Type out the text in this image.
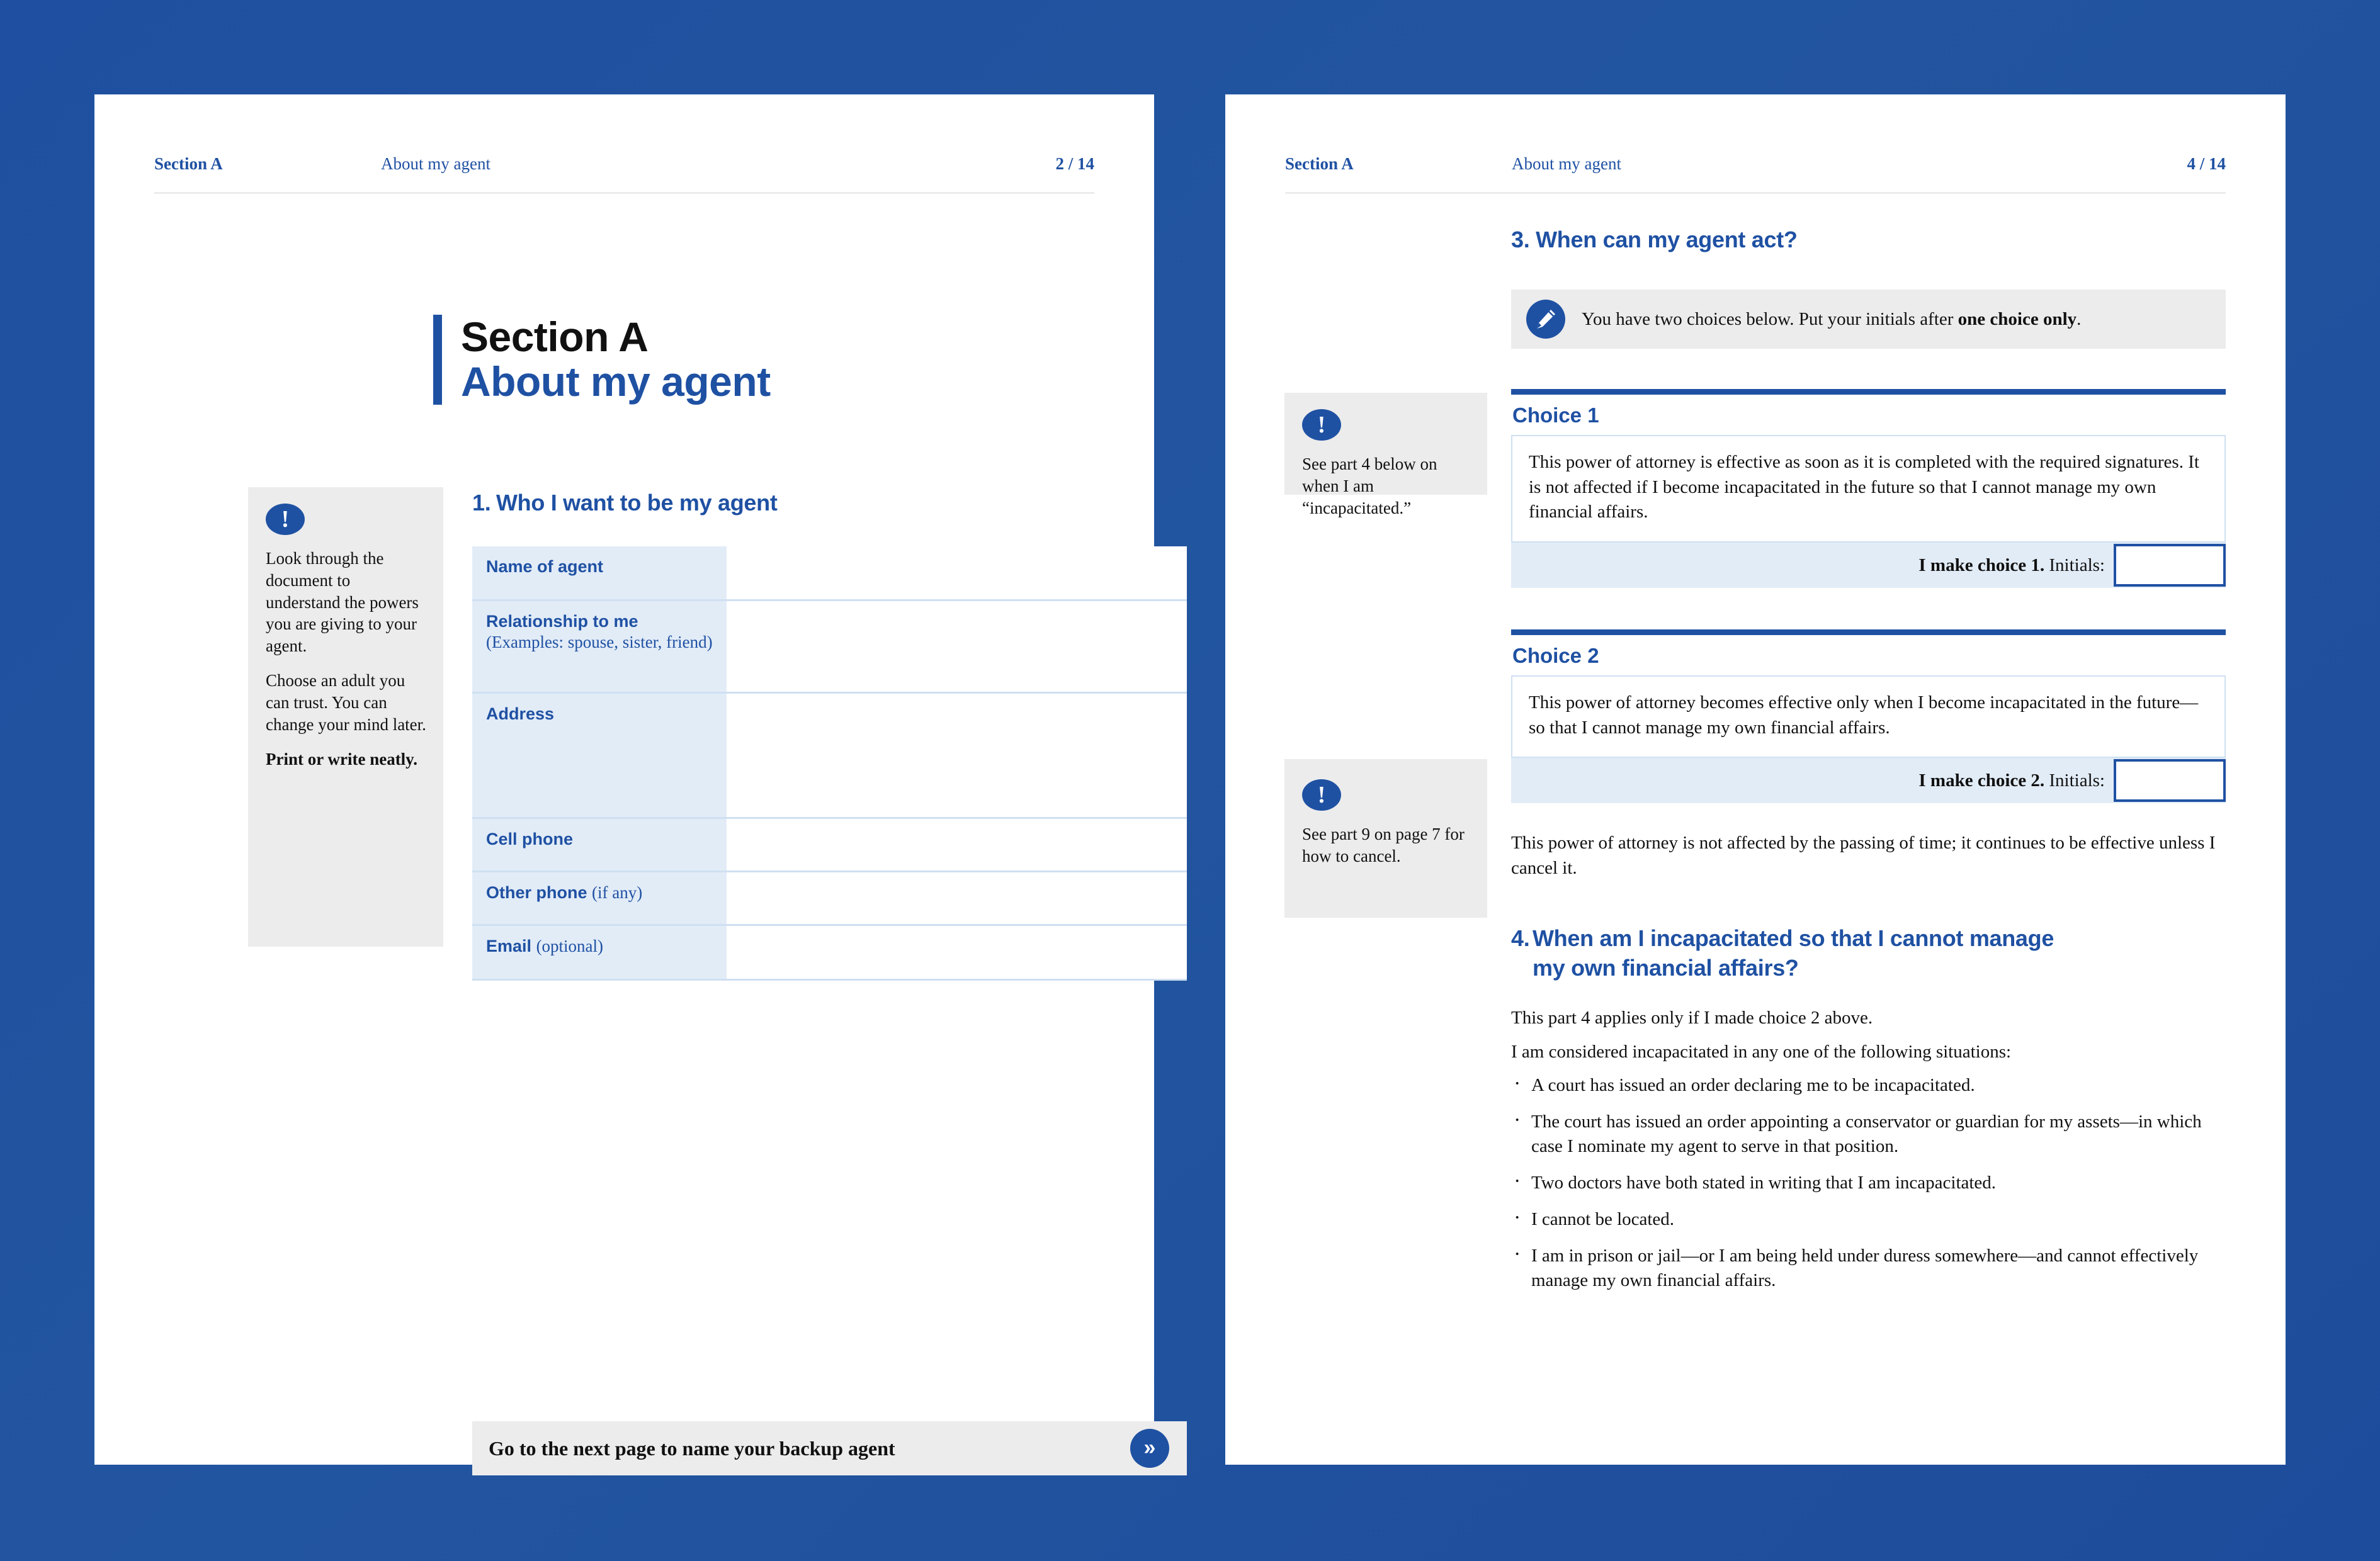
Section A	About my agent	2 / 14
Section A
About my agent
!

Look through the document to understand the powers you are giving to your agent.

Choose an adult you can trust. You can change your mind later.

Print or write neatly.

1. Who I want to be my agent
Name of agent	
Relationship to me
(Examples: spouse, sister, friend)	
Address	
Cell phone	
Other phone (if any)	
Email (optional)	
Go to the next page to name your backup agent	»
Section A	About my agent	4 / 14
3. When can my agent act?
You have two choices below. Put your initials after one choice only.
!

See part 4 below on when I am “incapacitated.”

!

See part 9 on page 7 for how to cancel.

Choice 1

This power of attorney is effective as soon as it is completed with the required signatures. It is not affected if I become incapacitated in the future so that I cannot manage my own financial affairs.

I make choice 1. Initials:
Choice 2

This power of attorney becomes effective only when I become incapacitated in the future—so that I cannot manage my own financial affairs.

I make choice 2. Initials:

This power of attorney is not affected by the passing of time; it continues to be effective unless I cancel it.

4. When am I incapacitated so that I cannot manage
my own financial affairs?

This part 4 applies only if I made choice 2 above.

I am considered incapacitated in any one of the following situations:

· A court has issued an order declaring me to be incapacitated.
· The court has issued an order appointing a conservator or guardian for my assets—in which case I nominate my agent to serve in that position.
· Two doctors have both stated in writing that I am incapacitated.
· I cannot be located.
· I am in prison or jail—or I am being held under duress somewhere—and cannot effectively manage my own financial affairs.
